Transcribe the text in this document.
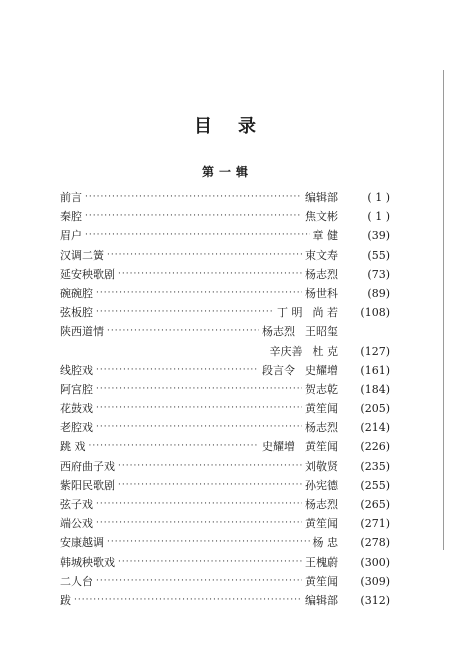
目录
第一辑
前言 ·····	编辑部	( 1 )
秦腔 ·····	焦文彬	( 1 )
眉户 ·····	章 健	(39)
汉调二簧 ·····	束文寿	(55)
延安秧歌剧 ·····	杨志烈	(73)
碗碗腔 ·····	杨世科	(89)
弦板腔 ·····	丁 明 尚 若	(108)
陕西道情 ·····	杨志烈 王昭玺
辛庆善 杜 克	(127)
线腔戏 ·····	段言令 史耀增	(161)
阿宫腔 ·····	贺志乾	(184)
花鼓戏 ·····	黄笙闻	(205)
老腔戏 ·····	杨志烈	(214)
跳 戏 ·····	史耀增 黄笙闻	(226)
西府曲子戏 ·····	刘敬贤	(235)
紫阳民歌剧 ·····	孙宪德	(255)
弦子戏 ·····	杨志烈	(265)
端公戏 ·····	黄笙闻	(271)
安康越调 ·····	杨 忠	(278)
韩城秧歌戏 ·····	王槐蔚	(300)
二人台 ·····	黄笙闻	(309)
跋 ·····	编辑部	(312)
